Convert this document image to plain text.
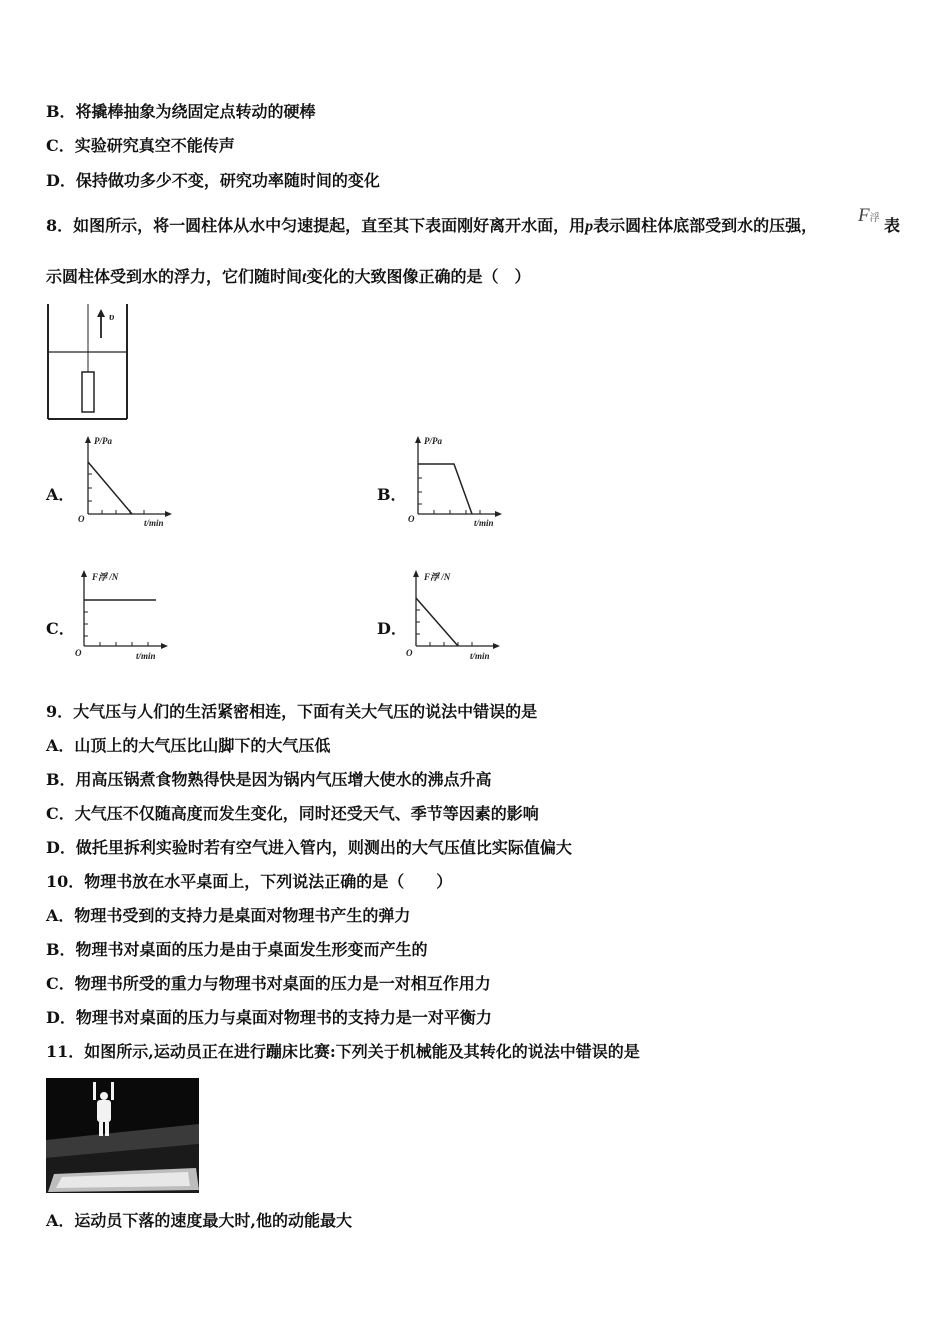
B．将撬棒抽象为绕固定点转动的硬棒
C．实验研究真空不能传声
D．保持做功多少不变，研究功率随时间的变化
8．如图所示，将一圆柱体从水中匀速提起，直至其下表面刚好离开水面，用p表示圆柱体底部受到水的压强， F浮 表
示圆柱体受到水的浮力，它们随时间t变化的大致图像正确的是（　）
υ
A．
P/Pa
O	t/min
B．
P/Pa
O	t/min
C．
F浮 /N
O	t/min
D．
F浮 /N
O	t/min
9．大气压与人们的生活紧密相连，下面有关大气压的说法中错误的是
A．山顶上的大气压比山脚下的大气压低
B．用高压锅煮食物熟得快是因为锅内气压增大使水的沸点升高
C．大气压不仅随高度而发生变化，同时还受天气、季节等因素的影响
D．做托里拆利实验时若有空气进入管内，则测出的大气压值比实际值偏大
10．物理书放在水平桌面上，下列说法正确的是（　　）
A．物理书受到的支持力是桌面对物理书产生的弹力
B．物理书对桌面的压力是由于桌面发生形变而产生的
C．物理书所受的重力与物理书对桌面的压力是一对相互作用力
D．物理书对桌面的压力与桌面对物理书的支持力是一对平衡力
11．如图所示,运动员正在进行蹦床比赛:下列关于机械能及其转化的说法中错误的是
A．运动员下落的速度最大时,他的动能最大
